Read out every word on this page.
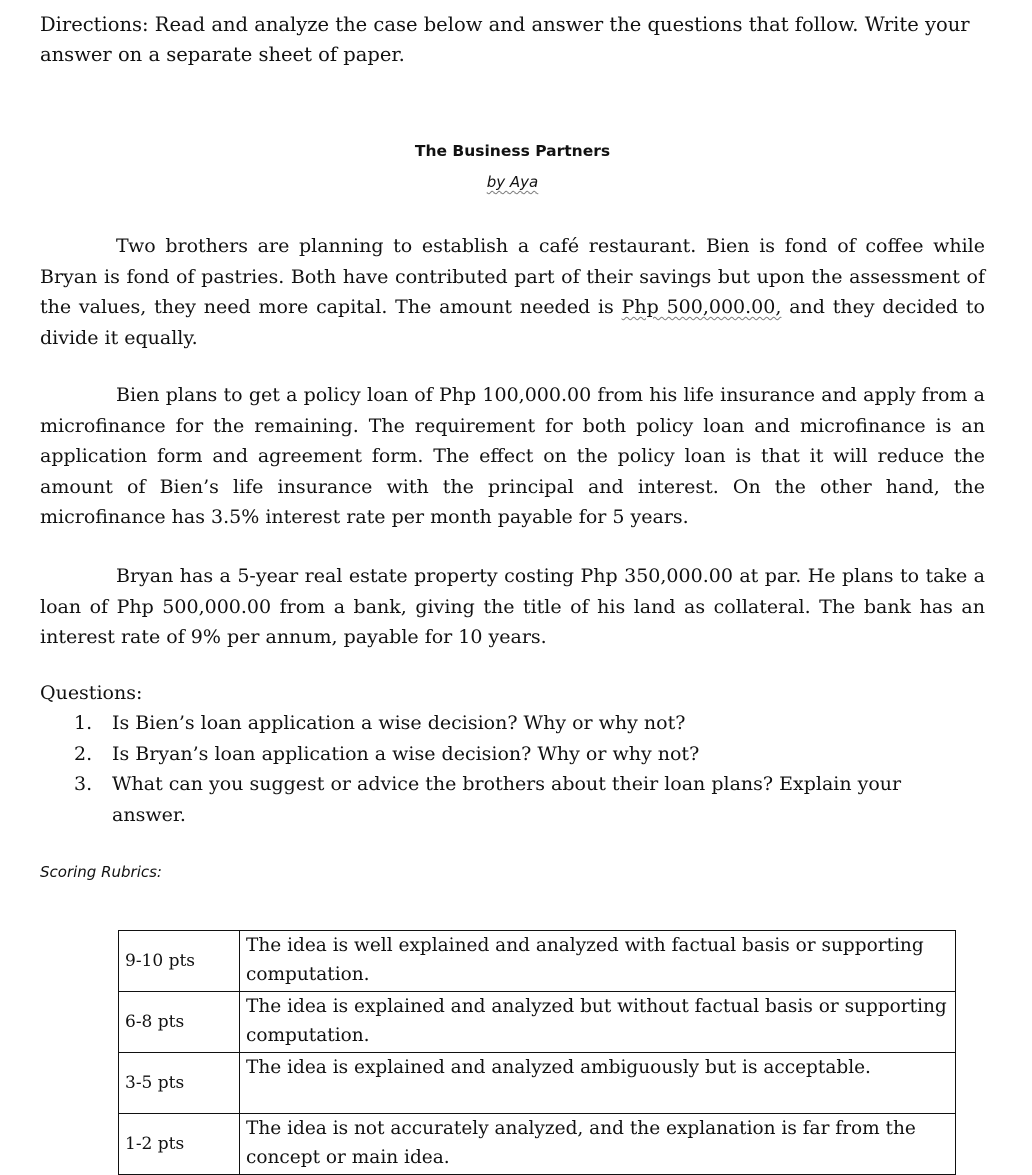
Directions: Read and analyze the case below and answer the questions that follow. Write your answer on a separate sheet of paper.
The Business Partners
by Aya

Two brothers are planning to establish a café restaurant. Bien is fond of coffee while Bryan is fond of pastries. Both have contributed part of their savings but upon the assessment of the values, they need more capital. The amount needed is Php 500,000.00, and they decided to divide it equally.

Bien plans to get a policy loan of Php 100,000.00 from his life insurance and apply from a microfinance for the remaining. The requirement for both policy loan and microfinance is an application form and agreement form. The effect on the policy loan is that it will reduce the amount of Bien’s life insurance with the principal and interest. On the other hand, the microfinance has 3.5% interest rate per month payable for 5 years.

Bryan has a 5-year real estate property costing Php 350,000.00 at par. He plans to take a loan of Php 500,000.00 from a bank, giving the title of his land as collateral. The bank has an interest rate of 9% per annum, payable for 10 years.

Questions:
1. Is Bien’s loan application a wise decision? Why or why not?
2. Is Bryan’s loan application a wise decision? Why or why not?
3. What can you suggest or advice the brothers about their loan plans? Explain your answer.
Scoring Rubrics:
9-10 pts	The idea is well explained and analyzed with factual basis or supporting computation.
6-8 pts	The idea is explained and analyzed but without factual basis or supporting computation.
3-5 pts	The idea is explained and analyzed ambiguously but is acceptable.
1-2 pts	The idea is not accurately analyzed, and the explanation is far from the concept or main idea.
